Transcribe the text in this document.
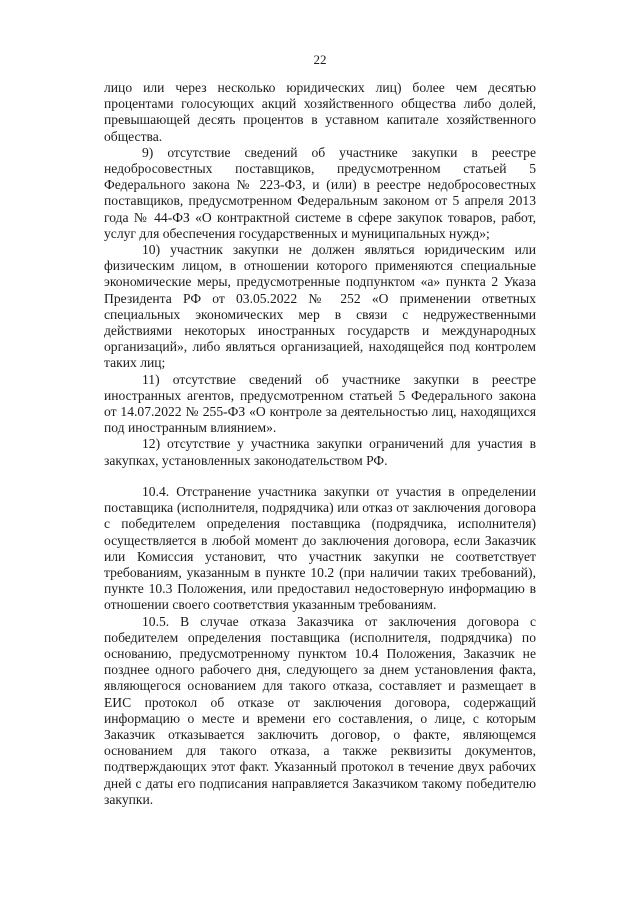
22

лицо или через несколько юридических лиц) более чем десятью процентами голосующих акций хозяйственного общества либо долей, превышающей десять процентов в уставном капитале хозяйственного общества.

9) отсутствие сведений об участнике закупки в реестре недобросовестных поставщиков, предусмотренном статьей 5 Федерального закона № 223-ФЗ, и (или) в реестре недобросовестных поставщиков, предусмотренном Федеральным законом от 5 апреля 2013 года № 44-ФЗ «О контрактной системе в сфере закупок товаров, работ, услуг для обеспечения государственных и муниципальных нужд»;

10) участник закупки не должен являться юридическим или физическим лицом, в отношении которого применяются специальные экономические меры, предусмотренные подпунктом «а» пункта 2 Указа Президента РФ от 03.05.2022 № 252 «О применении ответных специальных экономических мер в связи с недружественными действиями некоторых иностранных государств и международных организаций», либо являться организацией, находящейся под контролем таких лиц;

11) отсутствие сведений об участнике закупки в реестре иностранных агентов, предусмотренном статьей 5 Федерального закона от 14.07.2022 № 255-ФЗ «О контроле за деятельностью лиц, находящихся под иностранным влиянием».

12) отсутствие у участника закупки ограничений для участия в закупках, установленных законодательством РФ.

10.4. Отстранение участника закупки от участия в определении поставщика (исполнителя, подрядчика) или отказ от заключения договора с победителем определения поставщика (подрядчика, исполнителя) осуществляется в любой момент до заключения договора, если Заказчик или Комиссия установит, что участник закупки не соответствует требованиям, указанным в пункте 10.2 (при наличии таких требований), пункте 10.3 Положения, или предоставил недостоверную информацию в отношении своего соответствия указанным требованиям.

10.5. В случае отказа Заказчика от заключения договора с победителем определения поставщика (исполнителя, подрядчика) по основанию, предусмотренному пунктом 10.4 Положения, Заказчик не позднее одного рабочего дня, следующего за днем установления факта, являющегося основанием для такого отказа, составляет и размещает в ЕИС протокол об отказе от заключения договора, содержащий информацию о месте и времени его составления, о лице, с которым Заказчик отказывается заключить договор, о факте, являющемся основанием для такого отказа, а также реквизиты документов, подтверждающих этот факт. Указанный протокол в течение двух рабочих дней с даты его подписания направляется Заказчиком такому победителю закупки.
